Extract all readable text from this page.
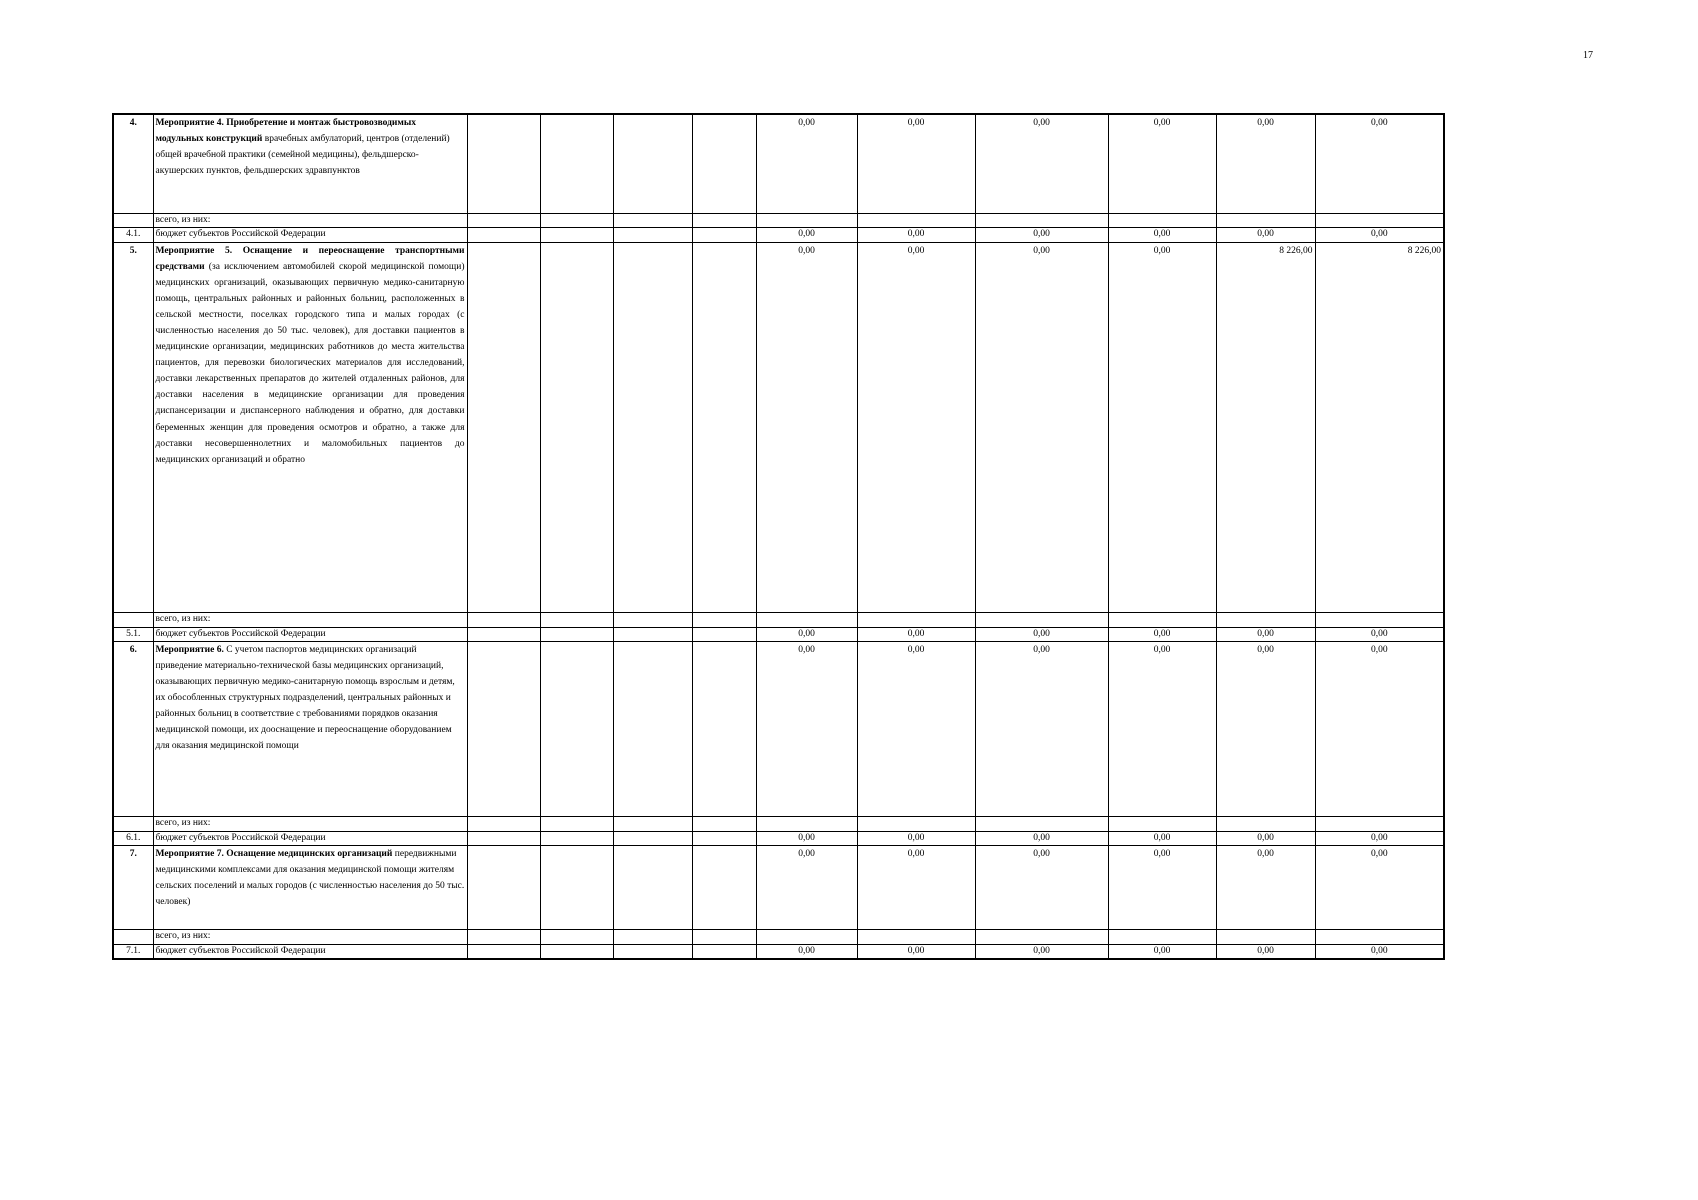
17
4.	Мероприятие 4. Приобретение и монтаж быстровозводимых модульных конструкций врачебных амбулаторий, центров (отделений) общей врачебной практики (семейной медицины), фельдшерско-акушерских пунктов, фельдшерских здравпунктов					0,00	0,00	0,00	0,00	0,00	0,00
	всего, из них:										
4.1.	бюджет субъектов Российской Федерации					0,00	0,00	0,00	0,00	0,00	0,00
5.	Мероприятие 5. Оснащение и переоснащение транспортными средствами (за исключением автомобилей скорой медицинской помощи) медицинских организаций, оказывающих первичную медико-санитарную помощь, центральных районных и районных больниц, расположенных в сельской местности, поселках городского типа и малых городах (с численностью населения до 50 тыс. человек), для доставки пациентов в медицинские организации, медицинских работников до места жительства пациентов, для перевозки биологических материалов для исследований, доставки лекарственных препаратов до жителей отдаленных районов, для доставки населения в медицинские организации для проведения диспансеризации и диспансерного наблюдения и обратно, для доставки беременных женщин для проведения осмотров и обратно, а также для доставки несовершеннолетних и маломобильных пациентов до медицинских организаций и обратно					0,00	0,00	0,00	0,00	8 226,00	8 226,00
	всего, из них:										
5.1.	бюджет субъектов Российской Федерации					0,00	0,00	0,00	0,00	0,00	0,00
6.	Мероприятие 6. С учетом паспортов медицинских организаций приведение материально-технической базы медицинских организаций, оказывающих первичную медико-санитарную помощь взрослым и детям, их обособленных структурных подразделений, центральных районных и районных больниц в соответствие с требованиями порядков оказания медицинской помощи, их дооснащение и переоснащение оборудованием для оказания медицинской помощи					0,00	0,00	0,00	0,00	0,00	0,00
	всего, из них:										
6.1.	бюджет субъектов Российской Федерации					0,00	0,00	0,00	0,00	0,00	0,00
7.	Мероприятие 7. Оснащение медицинских организаций передвижными медицинскими комплексами для оказания медицинской помощи жителям сельских поселений и малых городов (с численностью населения до 50 тыс. человек)					0,00	0,00	0,00	0,00	0,00	0,00
	всего, из них:										
7.1.	бюджет субъектов Российской Федерации					0,00	0,00	0,00	0,00	0,00	0,00
